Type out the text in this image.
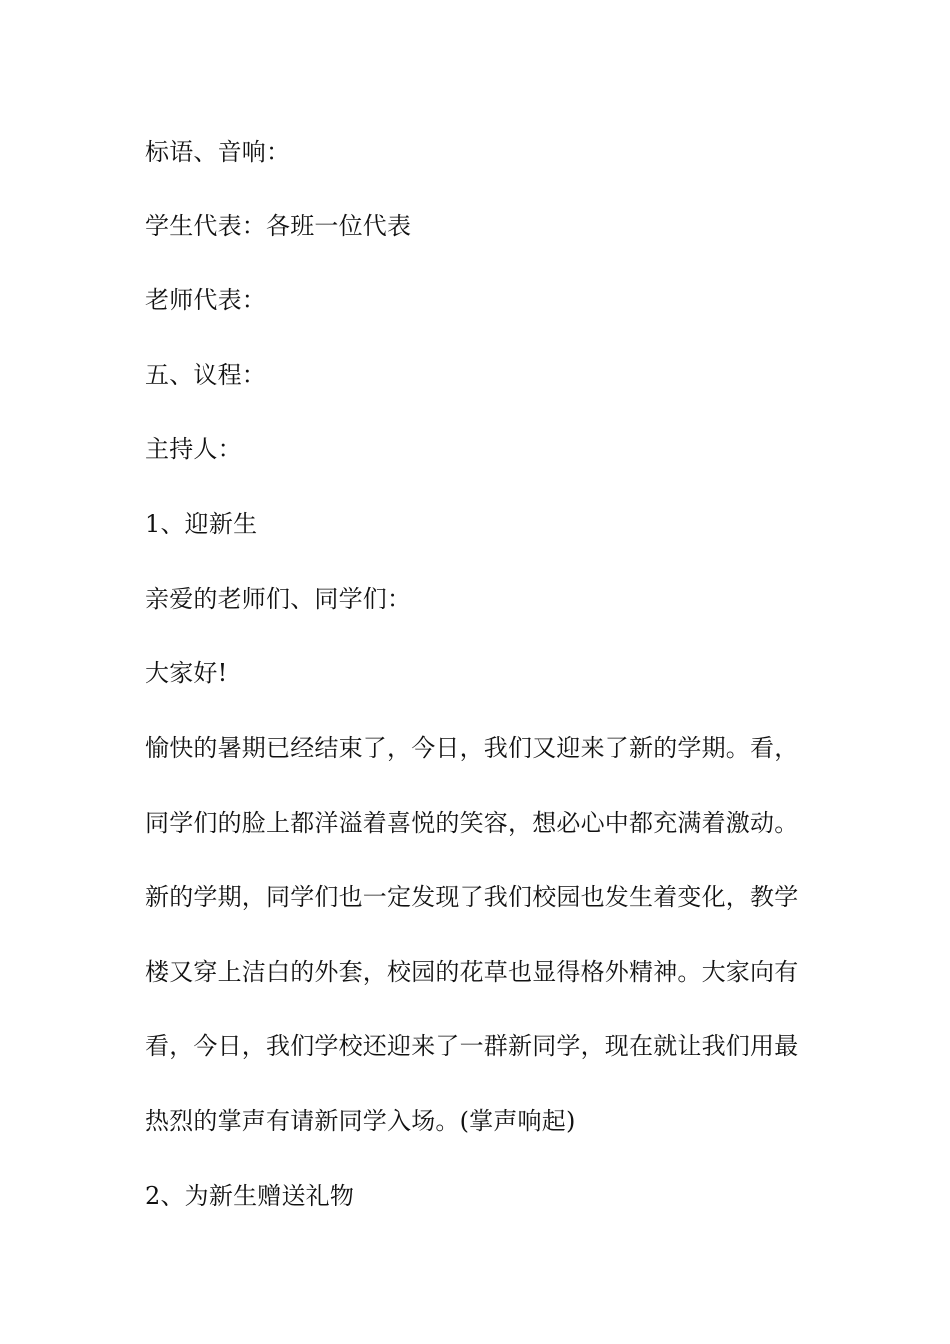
标语、音响：
学生代表：各班一位代表
老师代表：
五、议程：
主持人：
1、迎新生
亲爱的老师们、同学们：
大家好!
愉快的暑期已经结束了，今日，我们又迎来了新的学期。看，
同学们的脸上都洋溢着喜悦的笑容，想必心中都充满着激动。
新的学期，同学们也一定发现了我们校园也发生着变化，教学
楼又穿上洁白的外套，校园的花草也显得格外精神。大家向有
看，今日，我们学校还迎来了一群新同学，现在就让我们用最
热烈的掌声有请新同学入场。(掌声响起)
2、为新生赠送礼物
